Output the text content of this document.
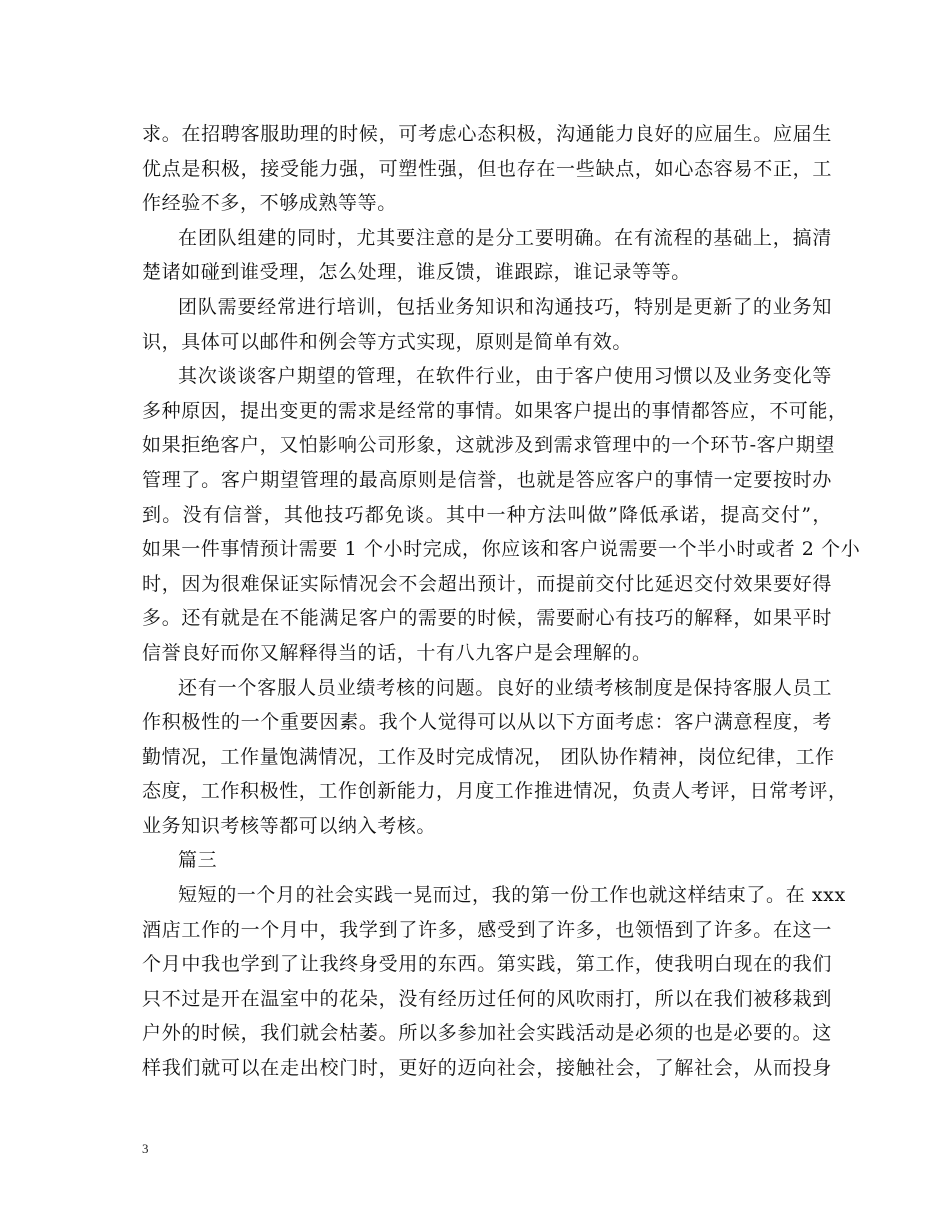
求。在招聘客服助理的时候，可考虑心态积极，沟通能力良好的应届生。应届生
优点是积极，接受能力强，可塑性强，但也存在一些缺点，如心态容易不正，工
作经验不多，不够成熟等等。
在团队组建的同时，尤其要注意的是分工要明确。在有流程的基础上，搞清
楚诸如碰到谁受理，怎么处理，谁反馈，谁跟踪，谁记录等等。
团队需要经常进行培训，包括业务知识和沟通技巧，特别是更新了的业务知
识，具体可以邮件和例会等方式实现，原则是简单有效。
其次谈谈客户期望的管理，在软件行业，由于客户使用习惯以及业务变化等
多种原因，提出变更的需求是经常的事情。如果客户提出的事情都答应，不可能，
如果拒绝客户，又怕影响公司形象，这就涉及到需求管理中的一个环节-客户期望
管理了。客户期望管理的最高原则是信誉，也就是答应客户的事情一定要按时办
到。没有信誉，其他技巧都免谈。其中一种方法叫做”降低承诺，提高交付”，
如果一件事情预计需要 1 个小时完成，你应该和客户说需要一个半小时或者 2 个小
时，因为很难保证实际情况会不会超出预计，而提前交付比延迟交付效果要好得
多。还有就是在不能满足客户的需要的时候，需要耐心有技巧的解释，如果平时
信誉良好而你又解释得当的话，十有八九客户是会理解的。
还有一个客服人员业绩考核的问题。良好的业绩考核制度是保持客服人员工
作积极性的一个重要因素。我个人觉得可以从以下方面考虑：客户满意程度，考
勤情况，工作量饱满情况，工作及时完成情况， 团队协作精神，岗位纪律，工作
态度，工作积极性，工作创新能力，月度工作推进情况，负责人考评，日常考评，
业务知识考核等都可以纳入考核。
篇三
短短的一个月的社会实践一晃而过，我的第一份工作也就这样结束了。在 xxx
酒店工作的一个月中，我学到了许多，感受到了许多，也领悟到了许多。在这一
个月中我也学到了让我终身受用的东西。第实践，第工作，使我明白现在的我们
只不过是开在温室中的花朵，没有经历过任何的风吹雨打，所以在我们被移栽到
户外的时候，我们就会枯萎。所以多参加社会实践活动是必须的也是必要的。这
样我们就可以在走出校门时，更好的迈向社会，接触社会，了解社会，从而投身
3
